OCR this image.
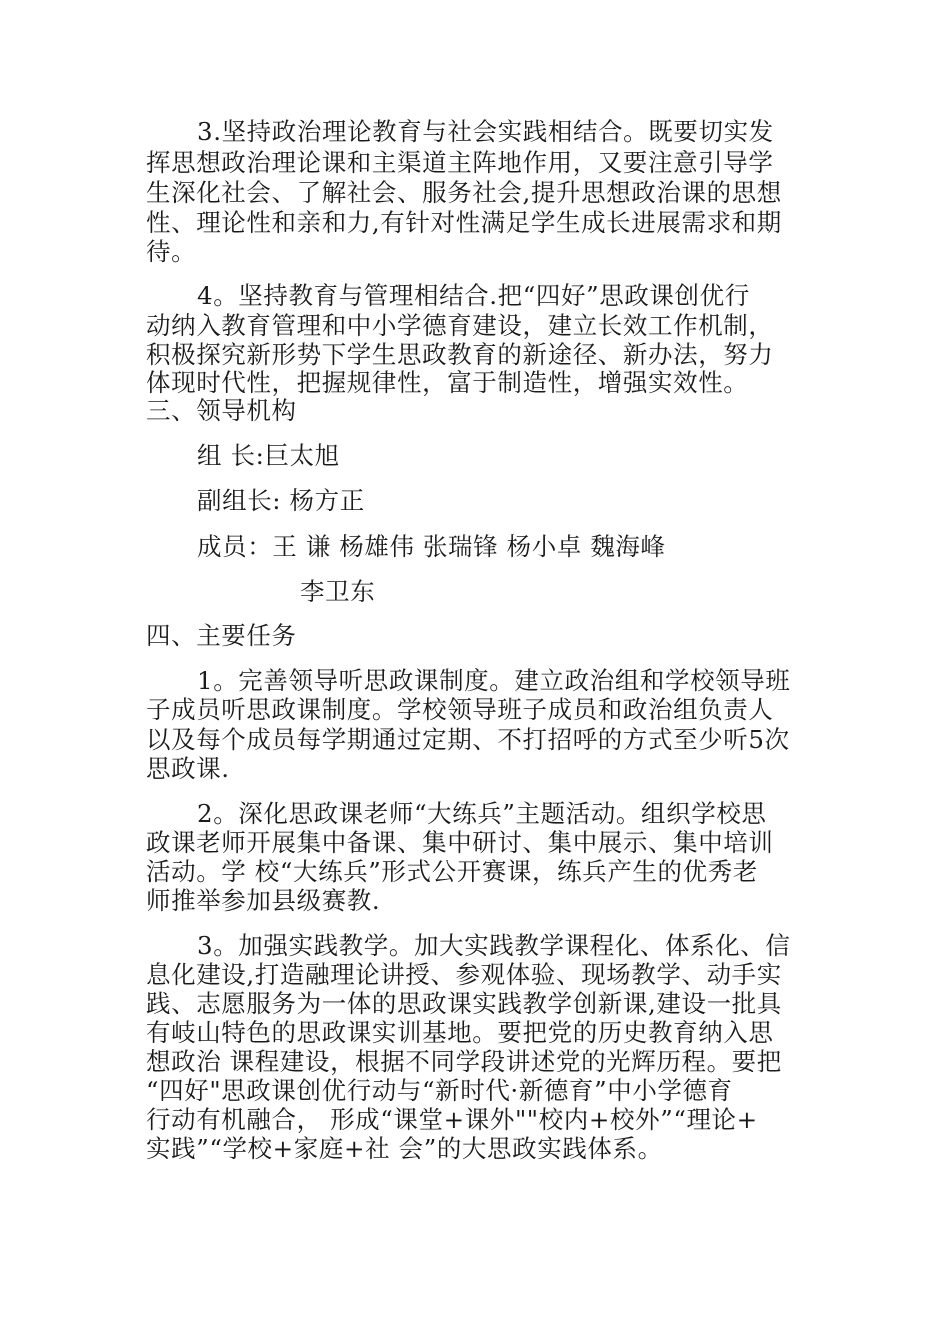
3.坚持政治理论教育与社会实践相结合。既要切实发
挥思想政治理论课和主渠道主阵地作用，又要注意引导学
生深化社会、了解社会、服务社会,提升思想政治课的思想
性、理论性和亲和力,有针对性满足学生成长进展需求和期
待。
4。坚持教育与管理相结合.把“四好”思政课创优行
动纳入教育管理和中小学德育建设，建立长效工作机制，
积极探究新形势下学生思政教育的新途径、新办法，努力
体现时代性，把握规律性，富于制造性，增强实效性。
三、领导机构
组 长:巨太旭
副组长: 杨方正
成员：王 谦 杨雄伟 张瑞锋 杨小卓 魏海峰
李卫东
四、主要任务
1。完善领导听思政课制度。建立政治组和学校领导班
子成员听思政课制度。学校领导班子成员和政治组负责人
以及每个成员每学期通过定期、不打招呼的方式至少听5次
思政课.
2。深化思政课老师“大练兵”主题活动。组织学校思
政课老师开展集中备课、集中研讨、集中展示、集中培训
活动。学 校“大练兵”形式公开赛课，练兵产生的优秀老
师推举参加县级赛教.
3。加强实践教学。加大实践教学课程化、体系化、信
息化建设,打造融理论讲授、参观体验、现场教学、动手实
践、志愿服务为一体的思政课实践教学创新课,建设一批具
有岐山特色的思政课实训基地。要把党的历史教育纳入思
想政治 课程建设，根据不同学段讲述党的光辉历程。要把
“四好"思政课创优行动与“新时代·新德育”中小学德育
行动有机融合， 形成“课堂+课外""校内+校外”“理论+
实践”“学校+家庭+社 会”的大思政实践体系。
